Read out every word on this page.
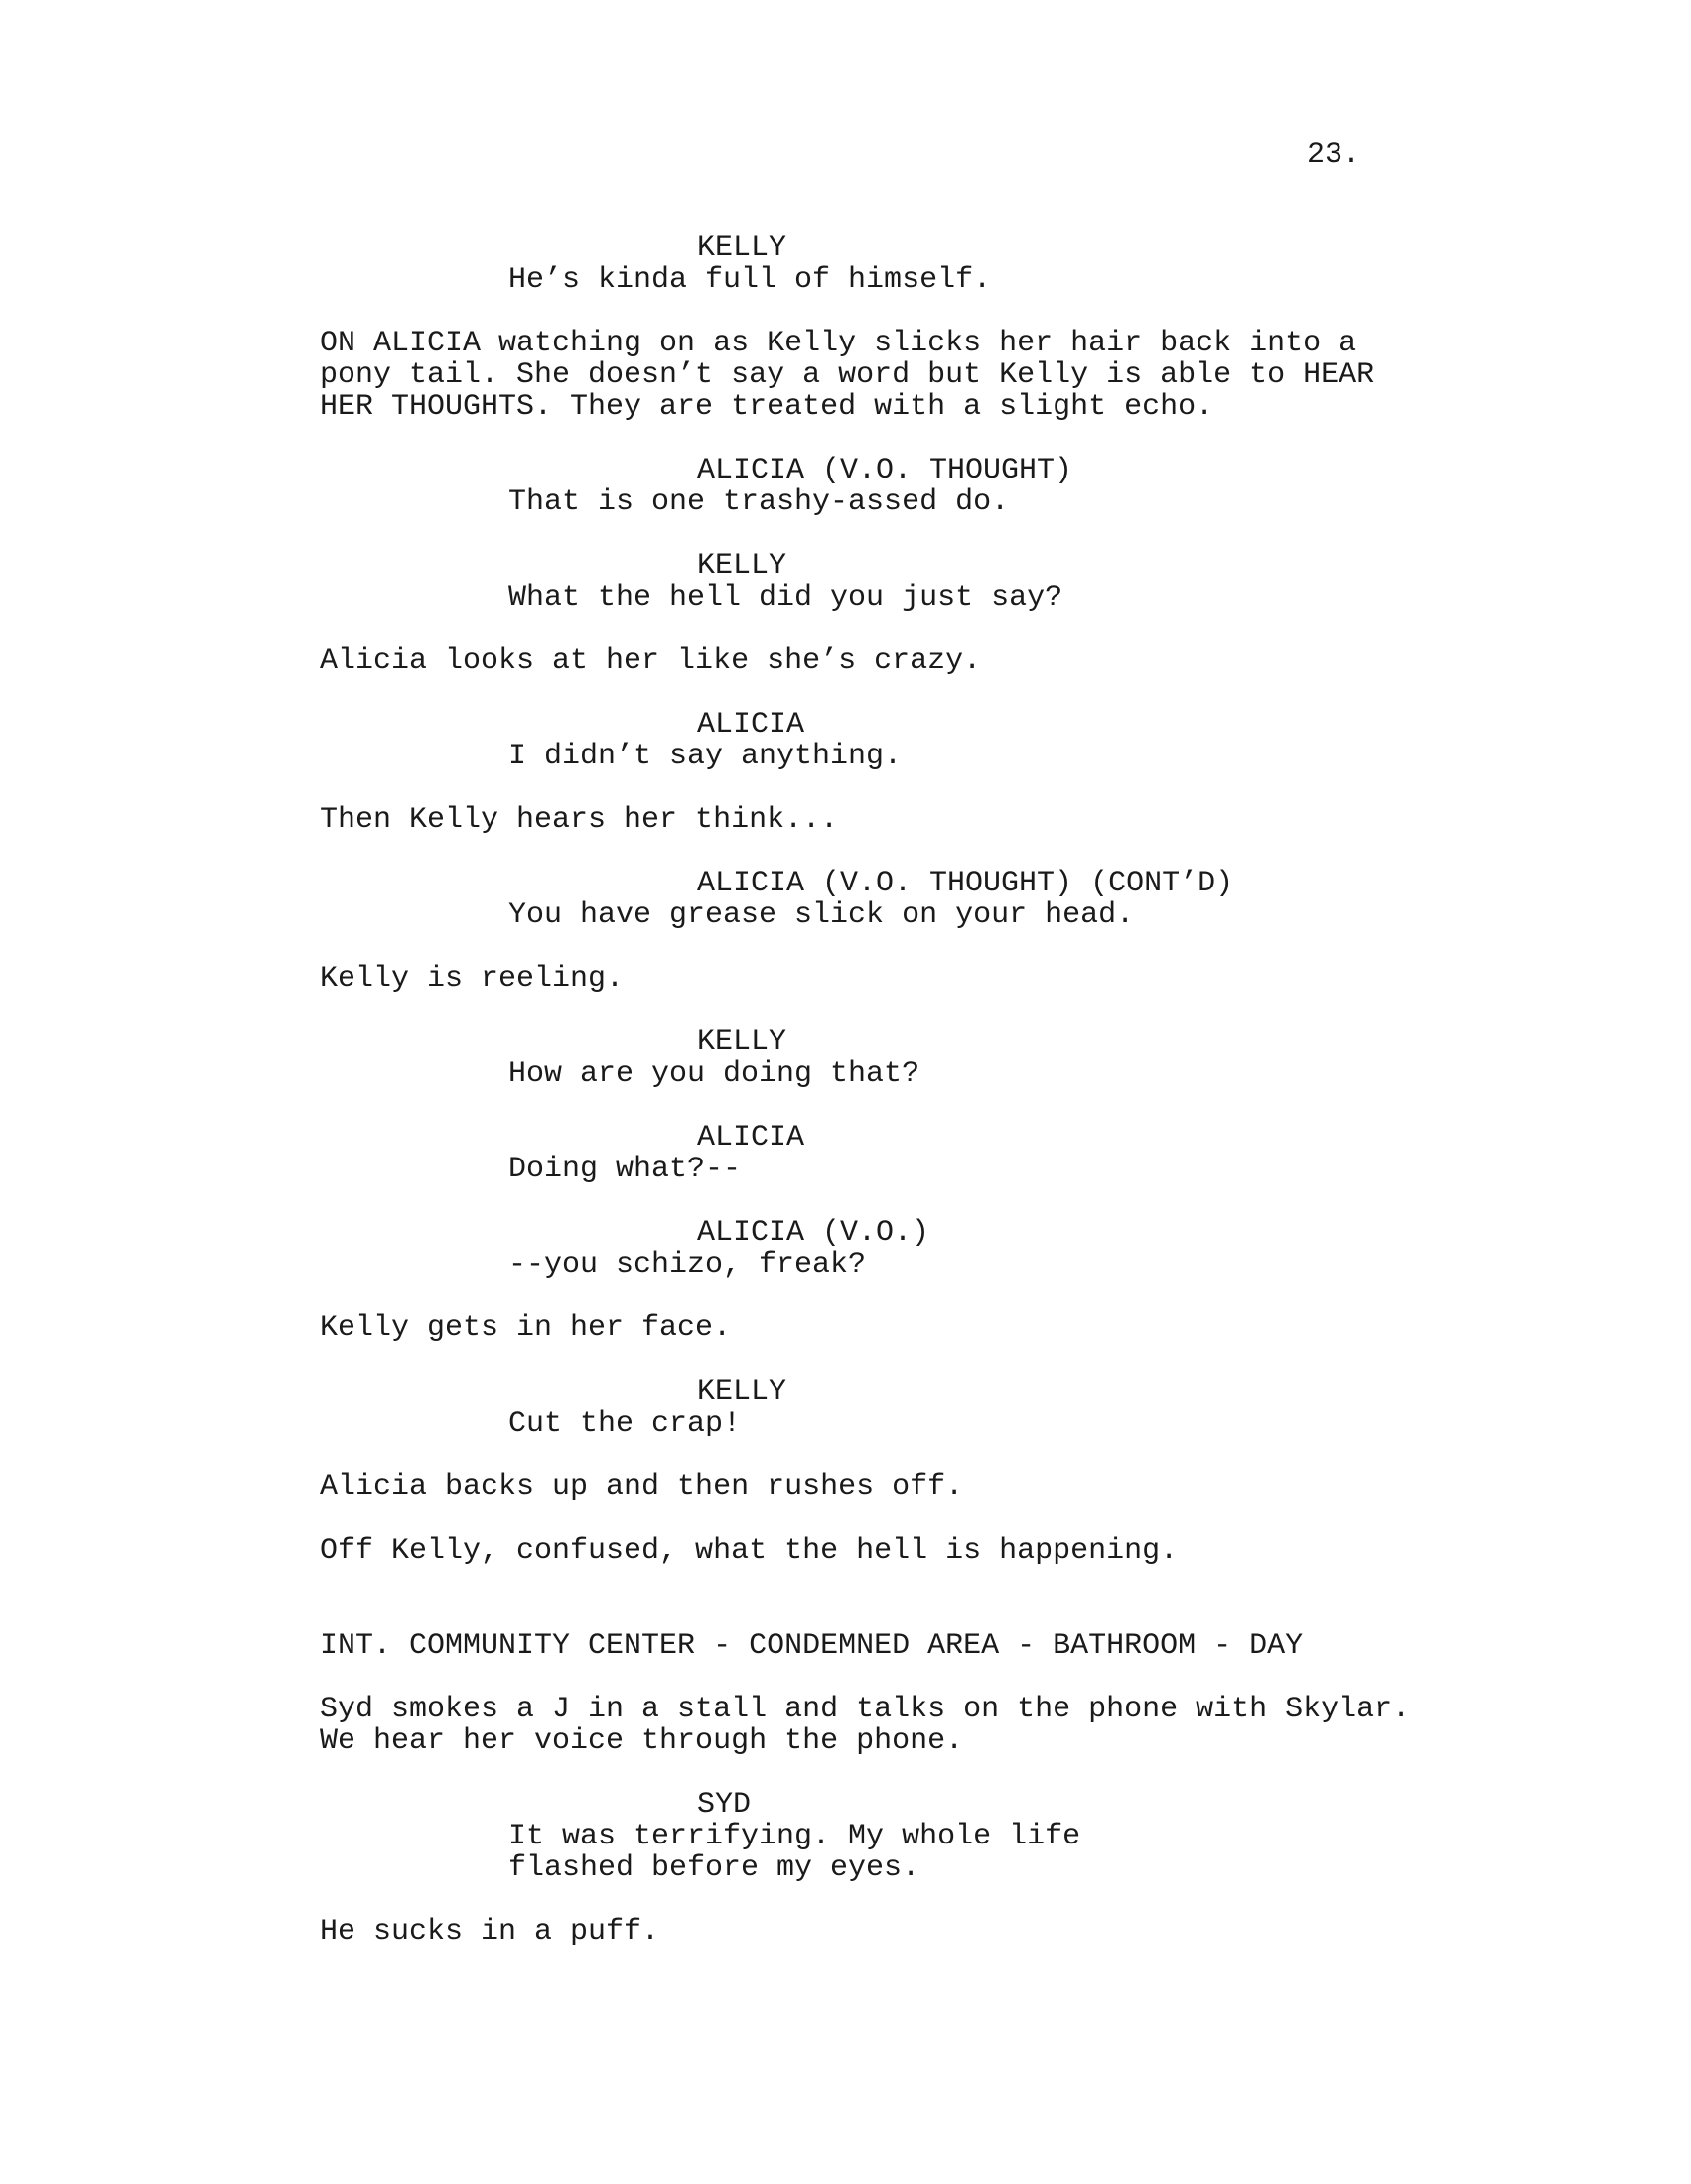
23.
KELLY
He’s kinda full of himself.
ON ALICIA watching on as Kelly slicks her hair back into a
pony tail. She doesn’t say a word but Kelly is able to HEAR
HER THOUGHTS. They are treated with a slight echo.
ALICIA (V.O. THOUGHT)
That is one trashy-assed do.
KELLY
What the hell did you just say?
Alicia looks at her like she’s crazy.
ALICIA
I didn’t say anything.
Then Kelly hears her think...
ALICIA (V.O. THOUGHT) (CONT’D)
You have grease slick on your head.
Kelly is reeling.
KELLY
How are you doing that?
ALICIA
Doing what?--
ALICIA (V.O.)
--you schizo, freak?
Kelly gets in her face.
KELLY
Cut the crap!
Alicia backs up and then rushes off.
Off Kelly, confused, what the hell is happening.
INT. COMMUNITY CENTER - CONDEMNED AREA - BATHROOM - DAY
Syd smokes a J in a stall and talks on the phone with Skylar.
We hear her voice through the phone.
SYD
It was terrifying. My whole life
flashed before my eyes.
He sucks in a puff.
